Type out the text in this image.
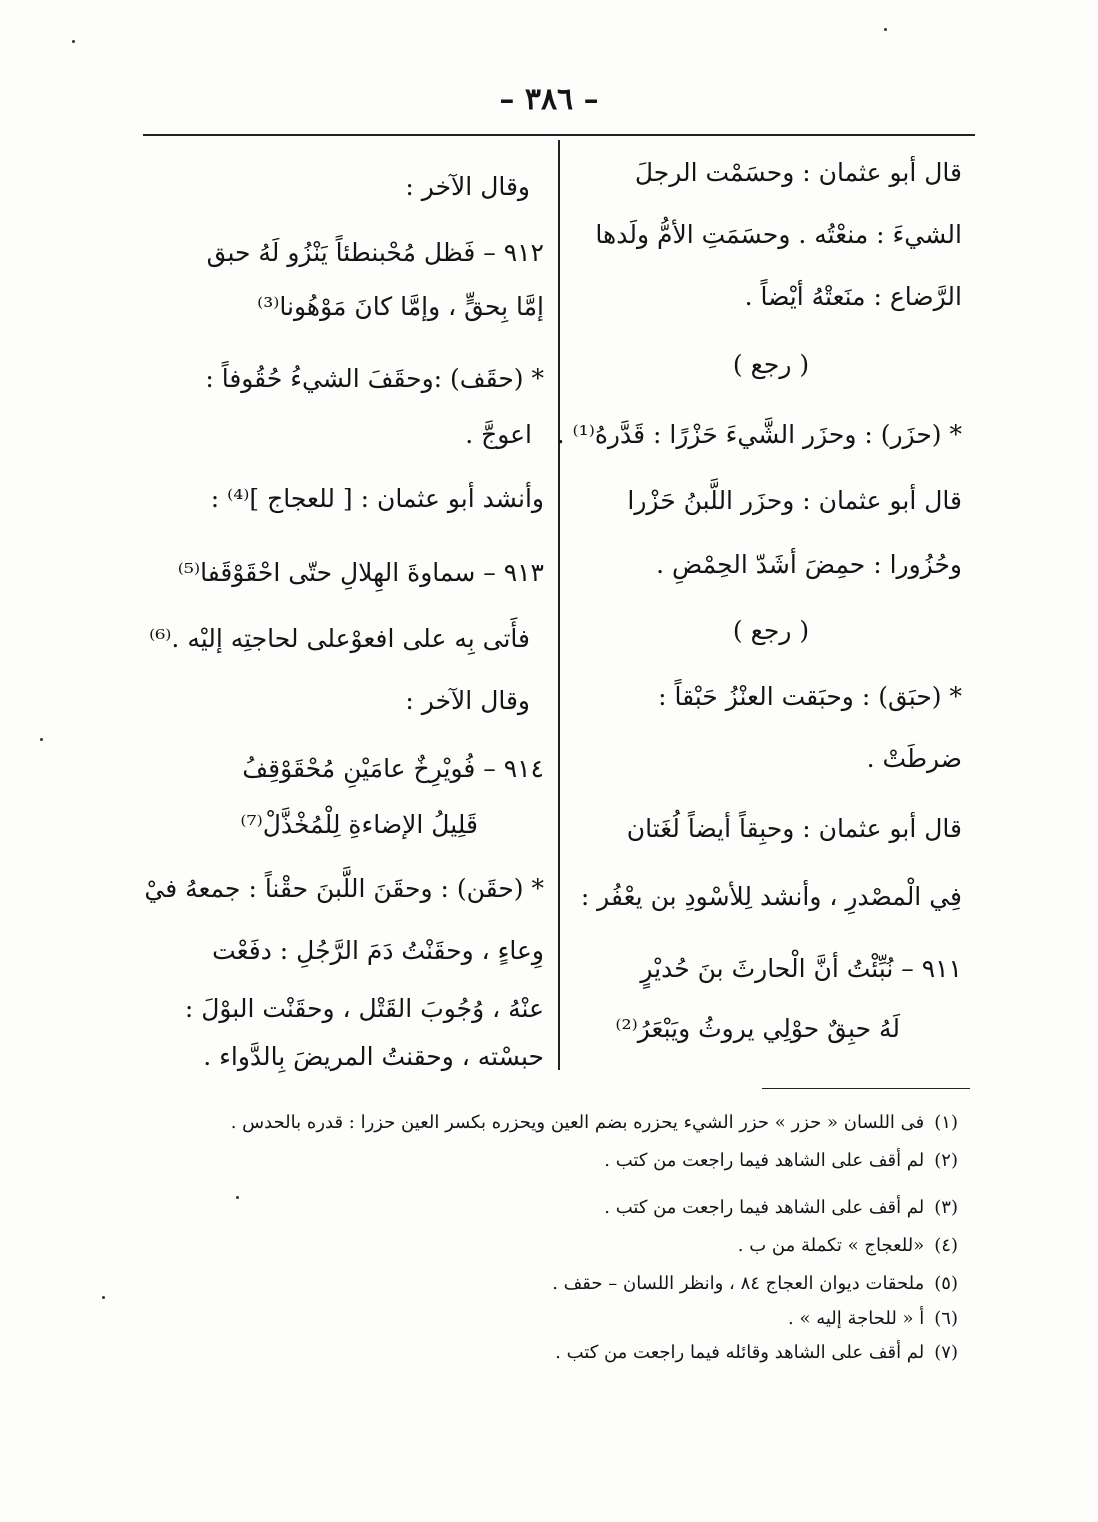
– ٣٨٦ –
قال أبو عثمان : وحسَمْت الرجلَ
الشيءَ : منعْتُه . وحسَمَتِ الأمُّ ولَدها
الرَّضاع : منَعتْهُ أيْضاً .
( رجع )
* (حزَر) : وحزَر الشَّيءَ حَزْرًا : قَدَّرهُ⁽¹⁾ .
قال أبو عثمان : وحزَر اللَّبنُ حَزْرا
وحُزُورا : حمِضَ أشَدّ الحِمْضِ .
( رجع )
* (حبَق) : وحبَقت العنْزُ حَبْقاً :
ضرطَتْ .
قال أبو عثمان : وحبِقاً أيضاً لُغَتان
فِي الْمصْدرِ ، وأنشد لِلأسْودِ بن يعْفُر :
٩١١ – نُبِّئْتُ أنَّ الْحارثَ بنَ حُديْرٍ
لَهُ حبِقٌ حوْلِي يروثُ ويَبْعَرُ⁽²⁾
وقال الآخر :
٩١٢ – فَظل مُحْبنطئاً يَنْزُو لَهُ حبق
إمَّا بِحقٍّ ، وإمَّا كانَ مَوْهُونا⁽³⁾
* (حقَف) :وحقَفَ الشيءُ حُقُوفاً :
اعوجَّ .
وأنشد أبو عثمان : [ للعجاج ]⁽⁴⁾ :
٩١٣ – سماوةَ الهِلالِ حتّى احْقَوْقَفا⁽⁵⁾
فأَتى بِه على افعوْعلى لحاجتِه إليْه .⁽⁶⁾
وقال الآخر :
٩١٤ – فُويْرِخٌ عامَيْنِ مُحْقَوْقِفُ
قَلِيلُ الإضاءةِ لِلْمُخْذَّلْ⁽⁷⁾
* (حقَن) : وحقَنَ اللَّبنَ حقْناً : جمعهُ فيْ
وِعاءٍ ، وحقَنْتُ دَمَ الرَّجُلِ : دفَعْت
عنْهُ ، وُجُوبَ القَتْل ، وحقَنْت البوْلَ :
حبسْته ، وحقنتُ المريضَ بِالدَّواء .
(١)فى اللسان « حزر » حزر الشيء يحزره بضم العين ويحزره بكسر العين حزرا : قدره بالحدس .
(٢)لم أقف على الشاهد فيما راجعت من كتب .
(٣)لم أقف على الشاهد فيما راجعت من كتب .
(٤)«للعجاج » تكملة من ب .
(٥)ملحقات ديوان العجاج ٨٤ ، وانظر اللسان – حقف .
(٦)أ « للحاجة إليه » .
(٧)لم أقف على الشاهد وقائله فيما راجعت من كتب .
